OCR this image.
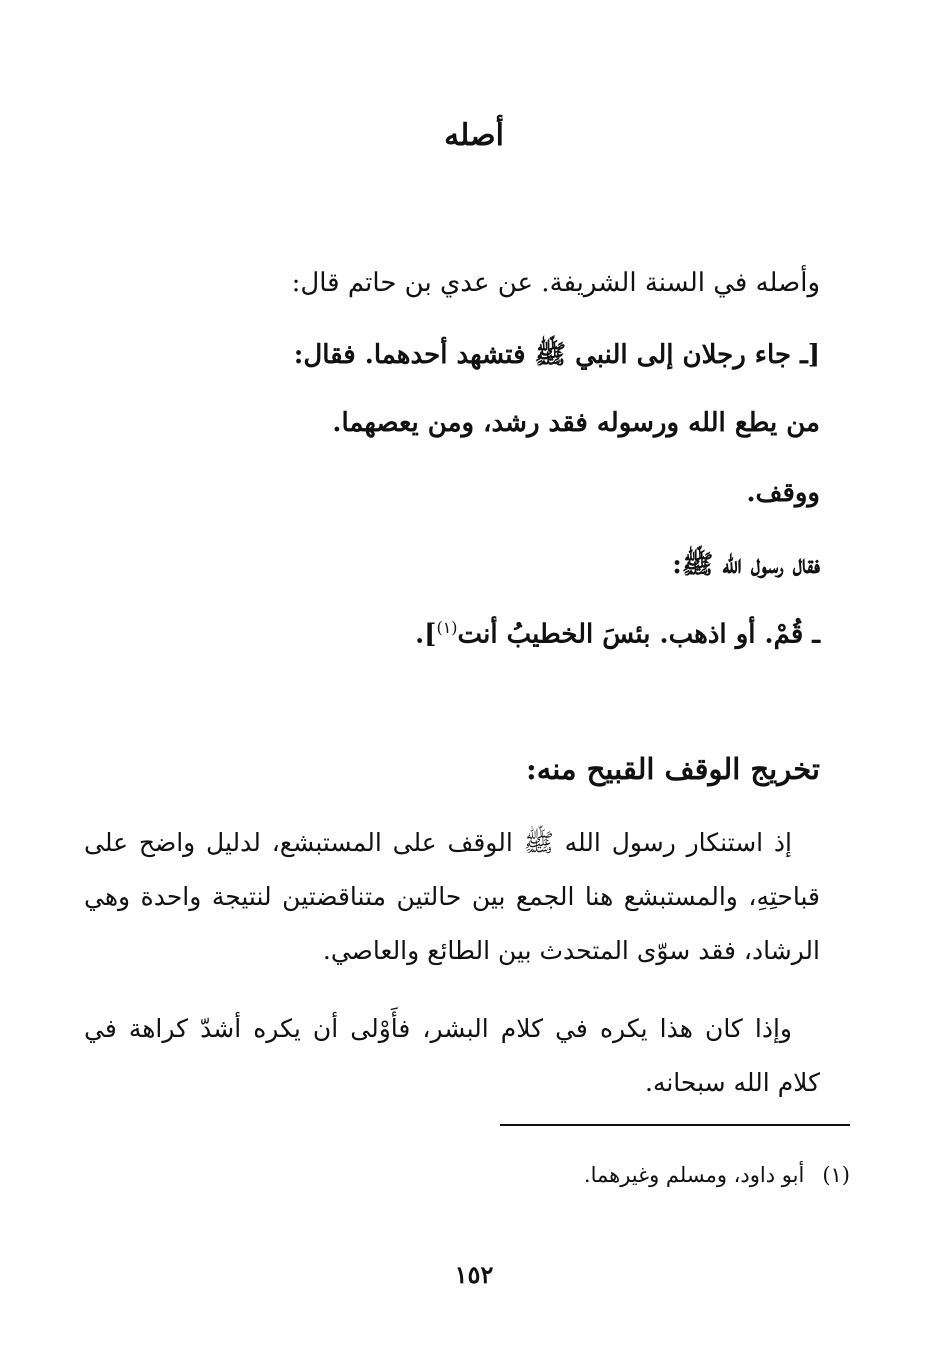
أصله
وأصله في السنة الشريفة. عن عدي بن حاتم قال:
[ـ جاء رجلان إلى النبي ﷺ فتشهد أحدهما. فقال:
من يطع الله ورسوله فقد رشد، ومن يعصهما.
ووقف.
فقال رسول الله ﷺ:
ـ قُمْ. أو اذهب. بئسَ الخطيبُ أنت$^{(١)}$].
تخريج الوقف القبيح منه:
إذ استنكار رسول الله ﷺ الوقف على المستبشع، لدليل واضح على قباحتِهِ، والمستبشع هنا الجمع بين حالتين متناقضتين لنتيجة واحدة وهي الرشاد، فقد سوّى المتحدث بين الطائع والعاصي.
وإذا كان هذا يكره في كلام البشر، فأَوْلى أن يكره أشدّ كراهة في كلام الله سبحانه.
(١)أبو داود، ومسلم وغيرهما.
١٥٢
